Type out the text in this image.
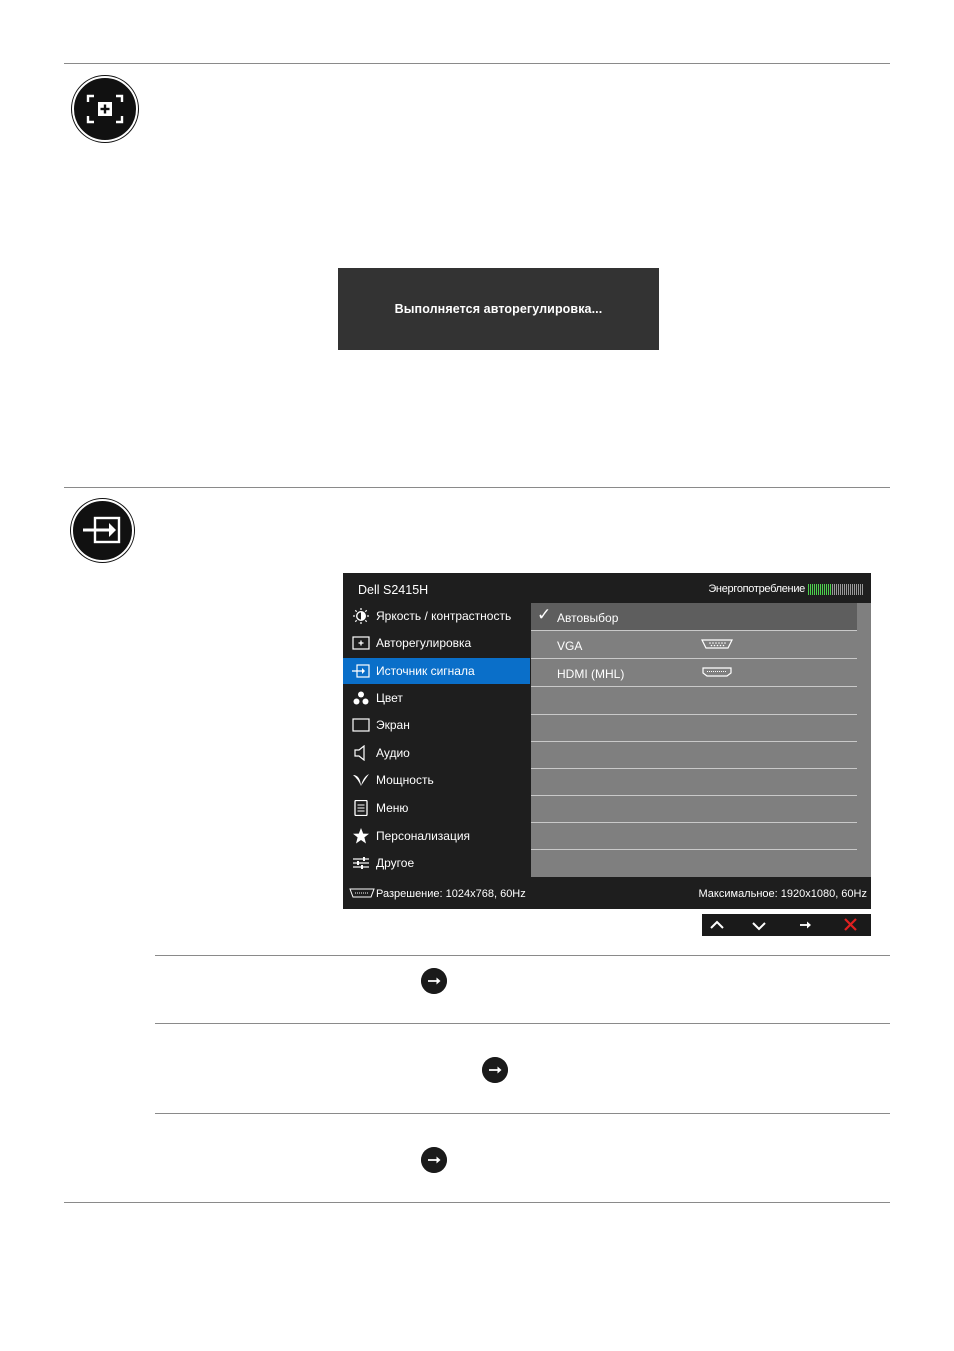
Выполняется авторегулировка...
Dell S2415H	Энергопотребление
Яркость / контрастность
Авторегулировка
Источник сигнала
Цвет
Экран
Аудио
Мощность
Меню
Персонализация
Другое
✓ Автовыбор
VGA
HDMI (MHL)
Разрешение: 1024x768, 60Hz	Максимальное: 1920x1080, 60Hz
